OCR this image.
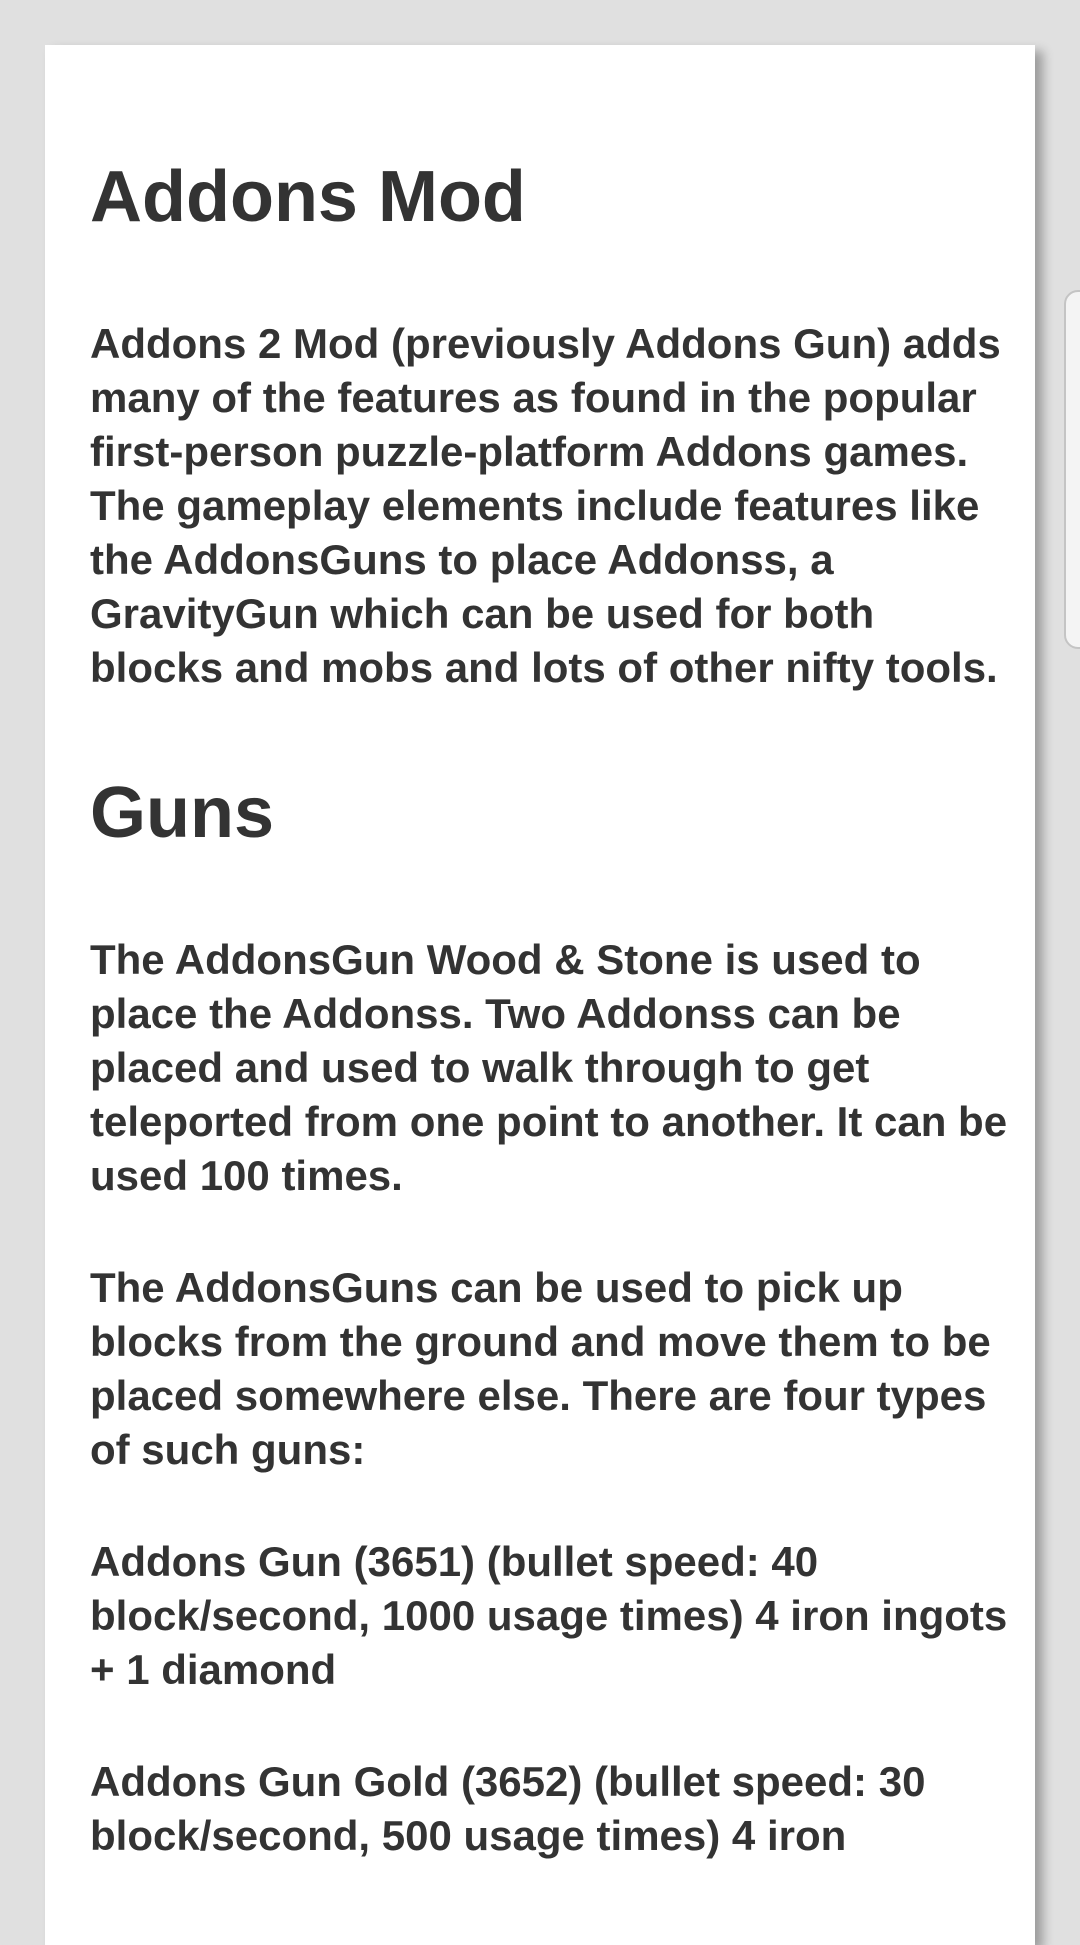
Addons Mod

Addons 2 Mod (previously Addons Gun) adds many of the features as found in the popular first-person puzzle-platform Addons games. The gameplay elements include features like the AddonsGuns to place Addonss, a GravityGun which can be used for both blocks and mobs and lots of other nifty tools.

Guns

The AddonsGun Wood & Stone is used to place the Addonss. Two Addonss can be placed and used to walk through to get teleported from one point to another. It can be used 100 times.

The AddonsGuns can be used to pick up blocks from the ground and move them to be placed somewhere else. There are four types of such guns:

Addons Gun (3651) (bullet speed: 40 block/second, 1000 usage times) 4 iron ingots + 1 diamond

Addons Gun Gold (3652) (bullet speed: 30 block/second, 500 usage times) 4 iron
